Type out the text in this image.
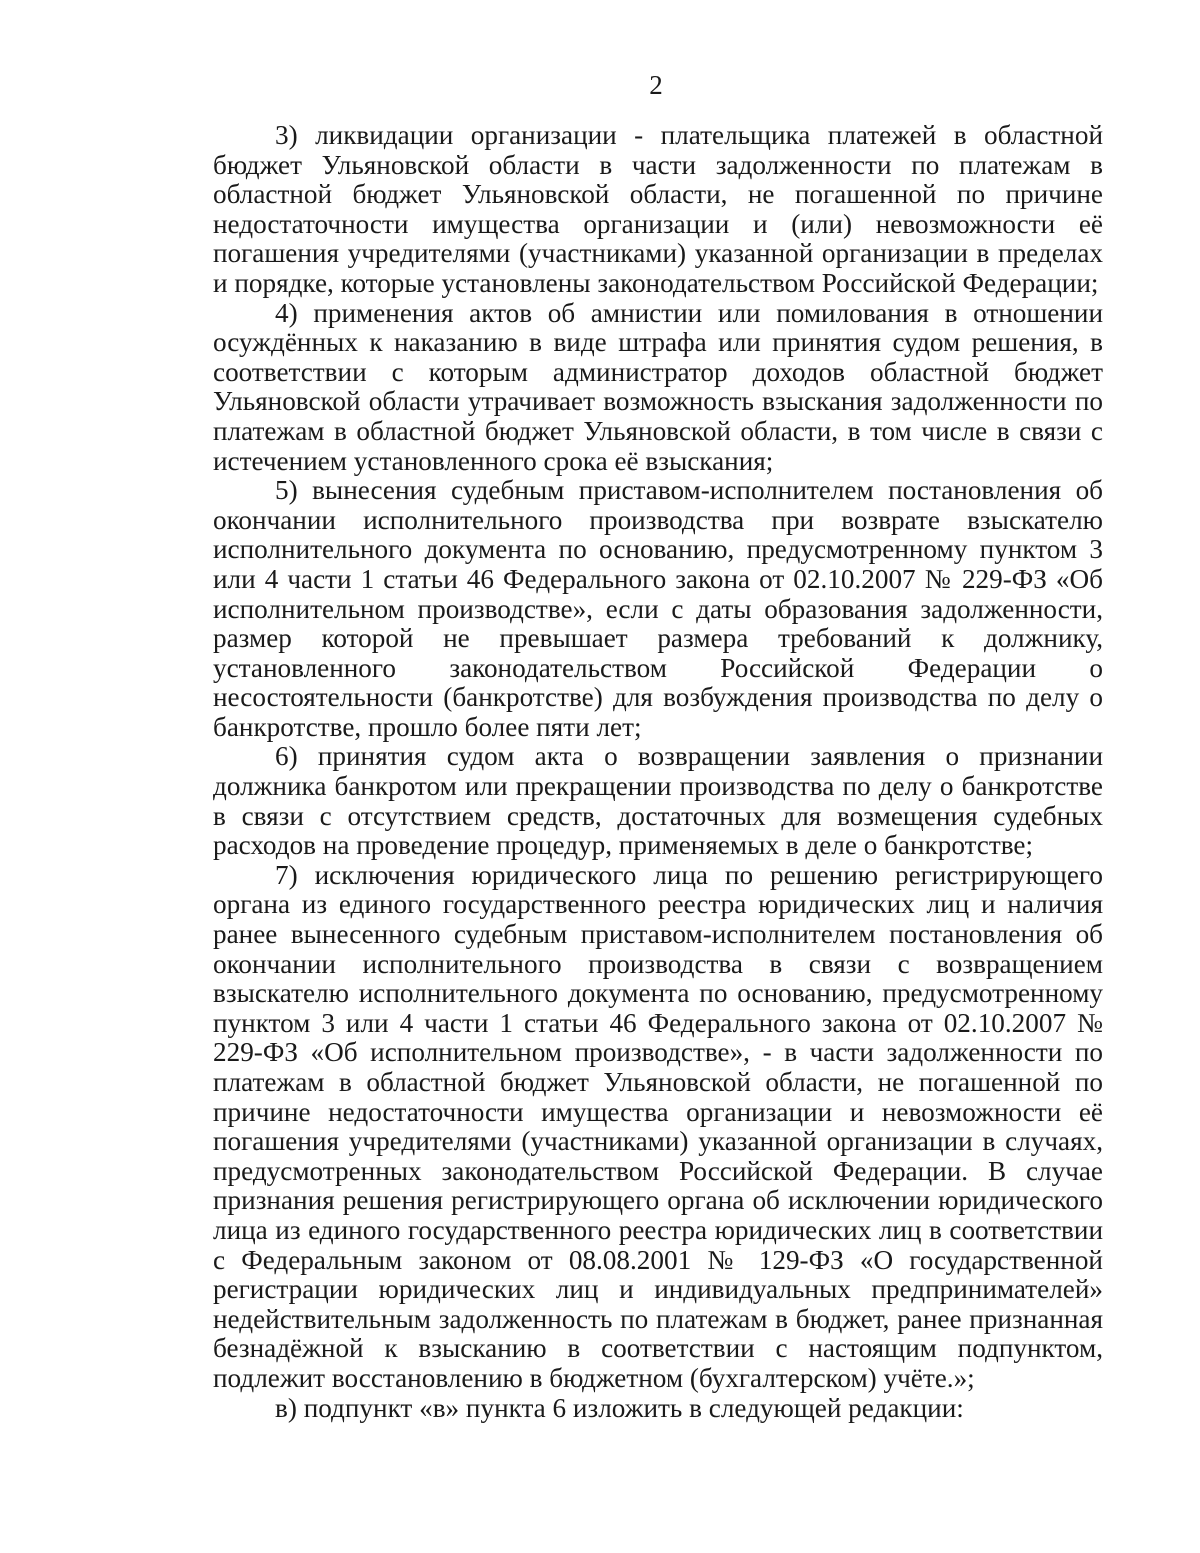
2

3) ликвидации организации - плательщика платежей в областной бюджет Ульяновской области в части задолженности по платежам в областной бюджет Ульяновской области, не погашенной по причине недостаточности имущества организации и (или) невозможности её погашения учредителями (участниками) указанной организации в пределах и порядке, которые установлены законодательством Российской Федерации;

4) применения актов об амнистии или помилования в отношении осуждённых к наказанию в виде штрафа или принятия судом решения, в соответствии с которым администратор доходов областной бюджет Ульяновской области утрачивает возможность взыскания задолженности по платежам в областной бюджет Ульяновской области, в том числе в связи с истечением установленного срока её взыскания;

5) вынесения судебным приставом-исполнителем постановления об окончании исполнительного производства при возврате взыскателю исполнительного документа по основанию, предусмотренному пунктом 3 или 4 части 1 статьи 46 Федерального закона от 02.10.2007 № 229-ФЗ «Об исполнительном производстве», если с даты образования задолженности, размер которой не превышает размера требований к должнику, установленного законодательством Российской Федерации о несостоятельности (банкротстве) для возбуждения производства по делу о банкротстве, прошло более пяти лет;

6) принятия судом акта о возвращении заявления о признании должника банкротом или прекращении производства по делу о банкротстве в связи с отсутствием средств, достаточных для возмещения судебных расходов на проведение процедур, применяемых в деле о банкротстве;

7) исключения юридического лица по решению регистрирующего органа из единого государственного реестра юридических лиц и наличия ранее вынесенного судебным приставом-исполнителем постановления об окончании исполнительного производства в связи с возвращением взыскателю исполнительного документа по основанию, предусмотренному пунктом 3 или 4 части 1 статьи 46 Федерального закона от 02.10.2007 № 229-ФЗ «Об исполнительном производстве», - в части задолженности по платежам в областной бюджет Ульяновской области, не погашенной по причине недостаточности имущества организации и невозможности её погашения учредителями (участниками) указанной организации в случаях, предусмотренных законодательством Российской Федерации. В случае признания решения регистрирующего органа об исключении юридического лица из единого государственного реестра юридических лиц в соответствии с Федеральным законом от 08.08.2001 № 129-ФЗ «О государственной регистрации юридических лиц и индивидуальных предпринимателей» недействительным задолженность по платежам в бюджет, ранее признанная безнадёжной к взысканию в соответствии с настоящим подпунктом, подлежит восстановлению в бюджетном (бухгалтерском) учёте.»;

в) подпункт «в» пункта 6 изложить в следующей редакции:
